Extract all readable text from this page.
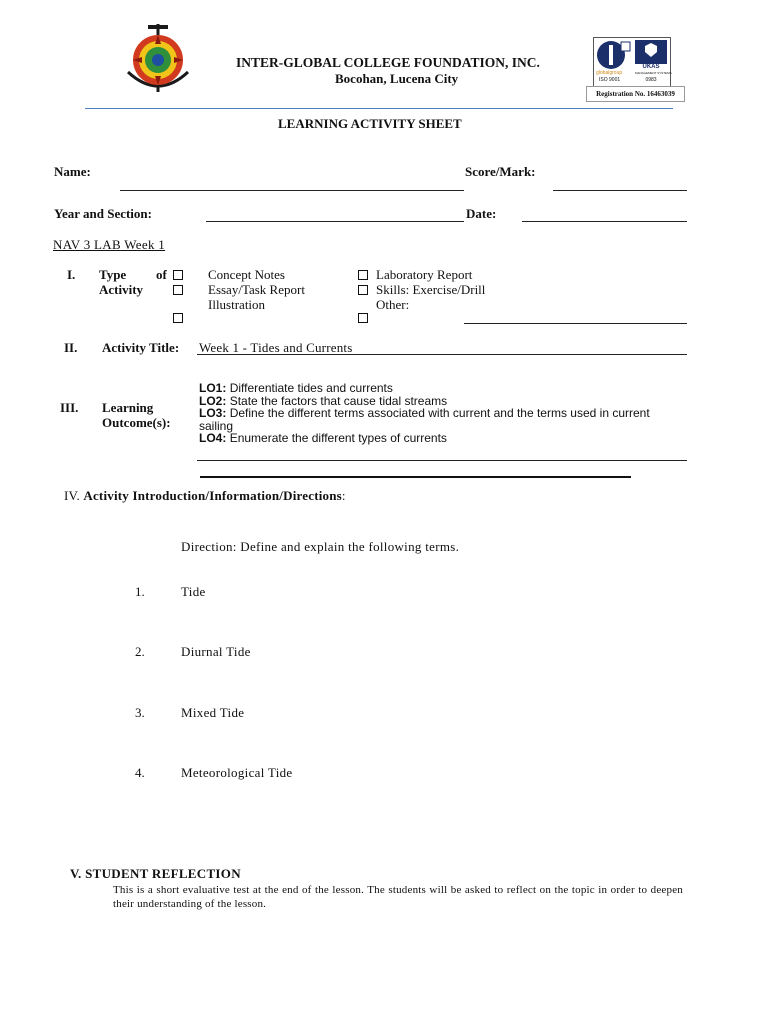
INTER-GLOBAL COLLEGE FOUNDATION, INC.
Bocohan, Lucena City	globalgroup
ISO 9001
UKAS
MANAGEMENT SYSTEMS
0983
Registration No. 16463039
LEARNING ACTIVITY SHEET
Name:	Score/Mark:
Year and Section:	Date:
NAV 3 LAB Week 1
I. Type of
Activity
Concept Notes
Essay/Task Report
Illustration
Laboratory Report
Skills: Exercise/Drill
Other:
II. Activity Title: Week 1 - Tides and Currents
III. Learning
Outcome(s):
LO1: Differentiate tides and currents
LO2: State the factors that cause tidal streams
LO3: Define the different terms associated with current and the terms used in current sailing
LO4: Enumerate the different types of currents
IV. Activity Introduction/Information/Directions:
Direction: Define and explain the following terms.
1.	Tide
2.	Diurnal Tide
3.	Mixed Tide
4.	Meteorological Tide
V. STUDENT REFLECTION
This is a short evaluative test at the end of the lesson. The students will be asked to reflect on the topic in order to deepen their understanding of the lesson.
